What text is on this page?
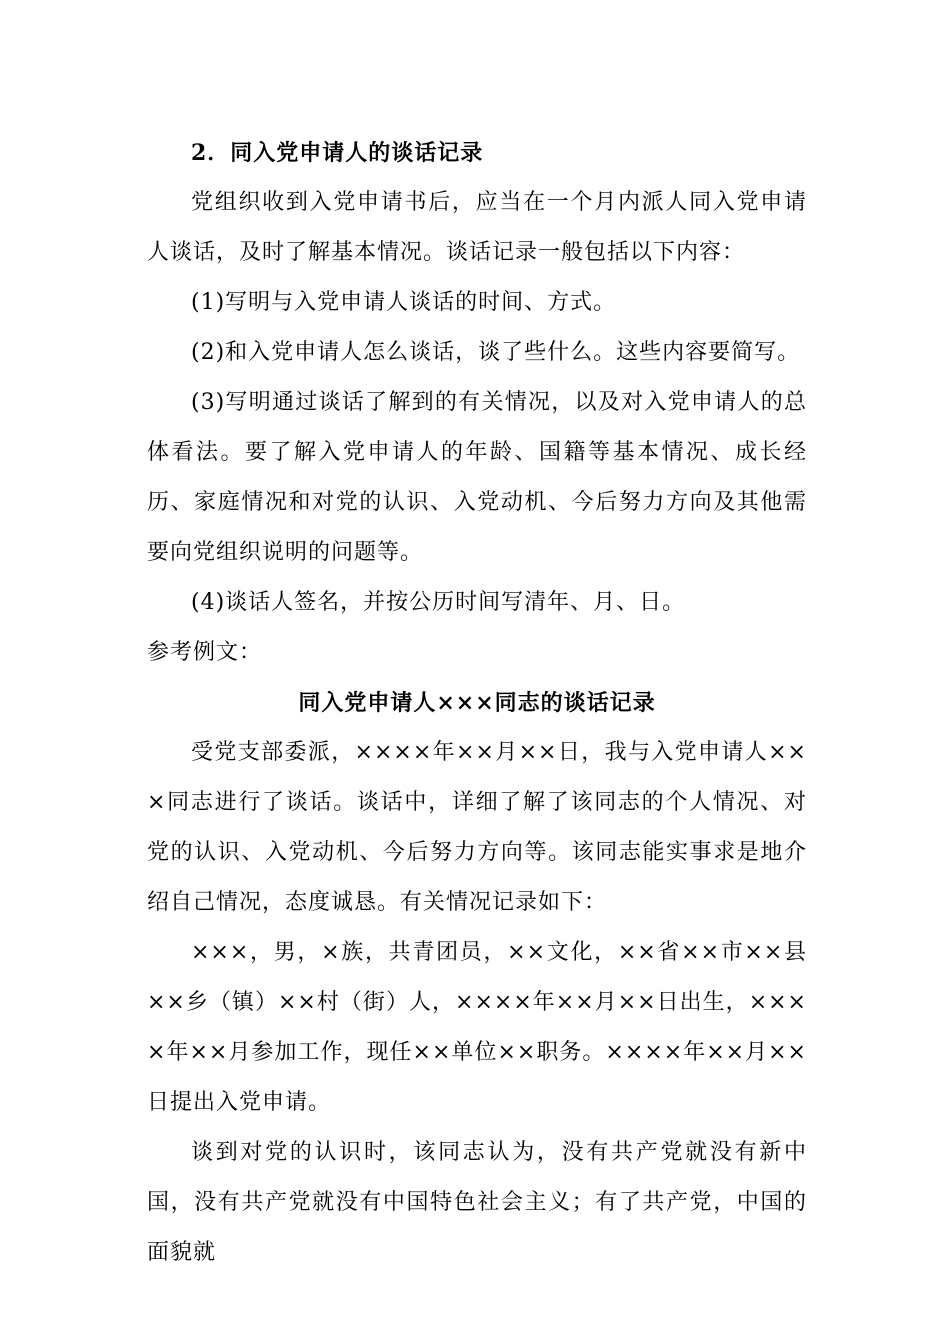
2．同入党申请人的谈话记录

党组织收到入党申请书后，应当在一个月内派人同入党申请人谈话，及时了解基本情况。谈话记录一般包括以下内容：

(1)写明与入党申请人谈话的时间、方式。

(2)和入党申请人怎么谈话，谈了些什么。这些内容要简写。

(3)写明通过谈话了解到的有关情况，以及对入党申请人的总体看法。要了解入党申请人的年龄、国籍等基本情况、成长经历、家庭情况和对党的认识、入党动机、今后努力方向及其他需要向党组织说明的问题等。

(4)谈话人签名，并按公历时间写清年、月、日。

参考例文：

同入党申请人×××同志的谈话记录

受党支部委派，××××年××月××日，我与入党申请人×××同志进行了谈话。谈话中，详细了解了该同志的个人情况、对党的认识、入党动机、今后努力方向等。该同志能实事求是地介绍自己情况，态度诚恳。有关情况记录如下：

×××，男，×族，共青团员，××文化，××省××市××县××乡（镇）××村（街）人，××××年××月××日出生，××××年××月参加工作，现任××单位××职务。××××年××月××日提出入党申请。

谈到对党的认识时，该同志认为，没有共产党就没有新中国，没有共产党就没有中国特色社会主义；有了共产党，中国的面貌就
